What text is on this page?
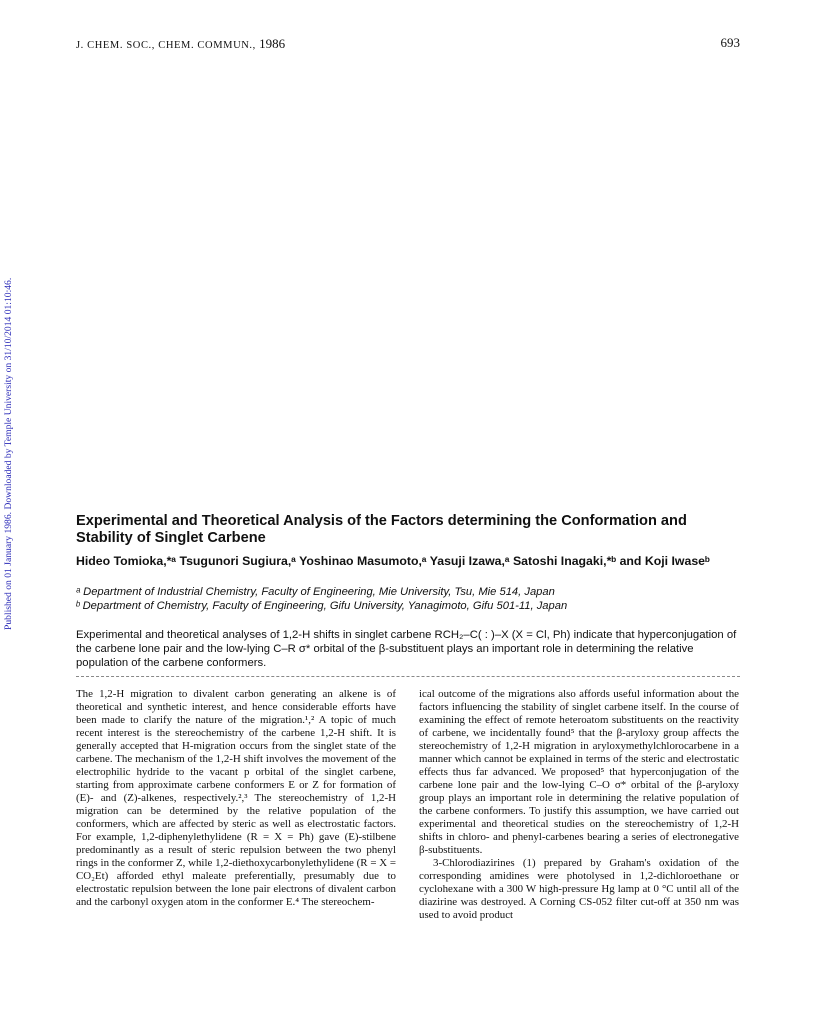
Published on 01 January 1986. Downloaded by Temple University on 31/10/2014 01:10:46.
J. CHEM. SOC., CHEM. COMMUN., 1986	693
Experimental and Theoretical Analysis of the Factors determining the Conformation and Stability of Singlet Carbene

Hideo Tomioka,*ᵃ Tsugunori Sugiura,ᵃ Yoshinao Masumoto,ᵃ Yasuji Izawa,ᵃ Satoshi Inagaki,*ᵇ and Koji Iwaseᵇ

ᵃ Department of Industrial Chemistry, Faculty of Engineering, Mie University, Tsu, Mie 514, Japan

ᵇ Department of Chemistry, Faculty of Engineering, Gifu University, Yanagimoto, Gifu 501-11, Japan

Experimental and theoretical analyses of 1,2-H shifts in singlet carbene RCH₂–C( : )–X (X = Cl, Ph) indicate that hyperconjugation of the carbene lone pair and the low-lying C–R σ* orbital of the β-substituent plays an important role in determining the relative population of the carbene conformers.

The 1,2-H migration to divalent carbon generating an alkene is of theoretical and synthetic interest, and hence considerable efforts have been made to clarify the nature of the migration.¹,² A topic of much recent interest is the stereochemistry of the carbene 1,2-H shift. It is generally accepted that H-migration occurs from the singlet state of the carbene. The mechanism of the 1,2-H shift involves the movement of the electrophilic hydride to the vacant p orbital of the singlet carbene, starting from approximate carbene conformers E or Z for formation of (E)- and (Z)-alkenes, respectively.²,³ The stereochemistry of 1,2-H migration can be determined by the relative population of the conformers, which are affected by steric as well as electrostatic factors. For example, 1,2-diphenylethylidene (R = X = Ph) gave (E)-stilbene predominantly as a result of steric repulsion between the two phenyl rings in the conformer Z, while 1,2-diethoxycarbonylethylidene (R = X = CO₂Et) afforded ethyl maleate preferentially, presumably due to electrostatic repulsion between the lone pair electrons of divalent carbon and the carbonyl oxygen atom in the conformer E.⁴ The stereochem-

ical outcome of the migrations also affords useful information about the factors influencing the stability of singlet carbene itself. In the course of examining the effect of remote heteroatom substituents on the reactivity of carbene, we incidentally found⁵ that the β-aryloxy group affects the stereochemistry of 1,2-H migration in aryloxymethylchlorocarbene in a manner which cannot be explained in terms of the steric and electrostatic effects thus far advanced. We proposed⁵ that hyperconjugation of the carbene lone pair and the low-lying C–O σ* orbital of the β-aryloxy group plays an important role in determining the relative population of the carbene conformers. To justify this assumption, we have carried out experimental and theoretical studies on the stereochemistry of 1,2-H shifts in chloro- and phenyl-carbenes bearing a series of electronegative β-substituents.

3-Chlorodiazirines (1) prepared by Graham's oxidation of the corresponding amidines were photolysed in 1,2-dichloroethane or cyclohexane with a 300 W high-pressure Hg lamp at 0 °C until all of the diazirine was destroyed. A Corning CS-052 filter cut-off at 350 nm was used to avoid product
